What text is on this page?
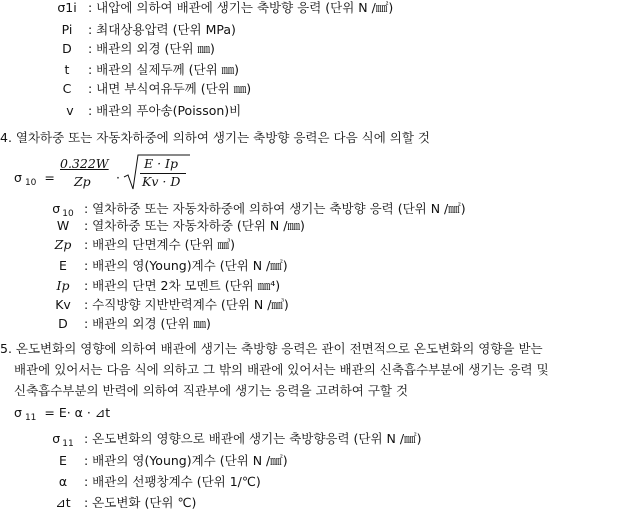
σ1i : 내압에 의하여 배관에 생기는 축방향 응력 (단위 N /㎟)
Pi : 최대상용압력 (단위 MPa)
D : 배관의 외경 (단위 ㎜)
t : 배관의 실제두께 (단위 ㎜)
C : 내면 부식여유두께 (단위 ㎜)
v : 배관의 푸아송(Poisson)비
4. 열차하중 또는 자동차하중에 의하여 생기는 축방향 응력은 다음 식에 의할 것
σ $_{10} = \frac{0.322W}{Zp}$ ·
E · Ip
Kv · D
σ $_{10}$ : 열차하중 또는 자동차하중에 의하여 생기는 축방향 응력 (단위 N /㎟)
W : 열차하중 또는 자동차하중 (단위 N /㎜)
Zp : 배관의 단면계수 (단위 ㎣)
E : 배관의 영(Young)계수 (단위 N /㎟)
Ip : 배관의 단면 2차 모멘트 (단위 ㎜⁴)
Kv : 수직방향 지반반력계수 (단위 N /㎣)
D : 배관의 외경 (단위 ㎜)
5. 온도변화의 영향에 의하여 배관에 생기는 축방향 응력은 관이 전면적으로 온도변화의 영향을 받는
배관에 있어서는 다음 식에 의하고 그 밖의 배관에 있어서는 배관의 신축흡수부분에 생기는 응력 및
신축흡수부분의 반력에 의하여 직관부에 생기는 응력을 고려하여 구할 것
σ $_{11}$ = E· α · ⊿t
σ $_{11}$ : 온도변화의 영향으로 배관에 생기는 축방향응력 (단위 N /㎟)
E : 배관의 영(Young)계수 (단위 N /㎟)
α : 배관의 선팽창계수 (단위 1/℃)
⊿t : 온도변화 (단위 ℃)
